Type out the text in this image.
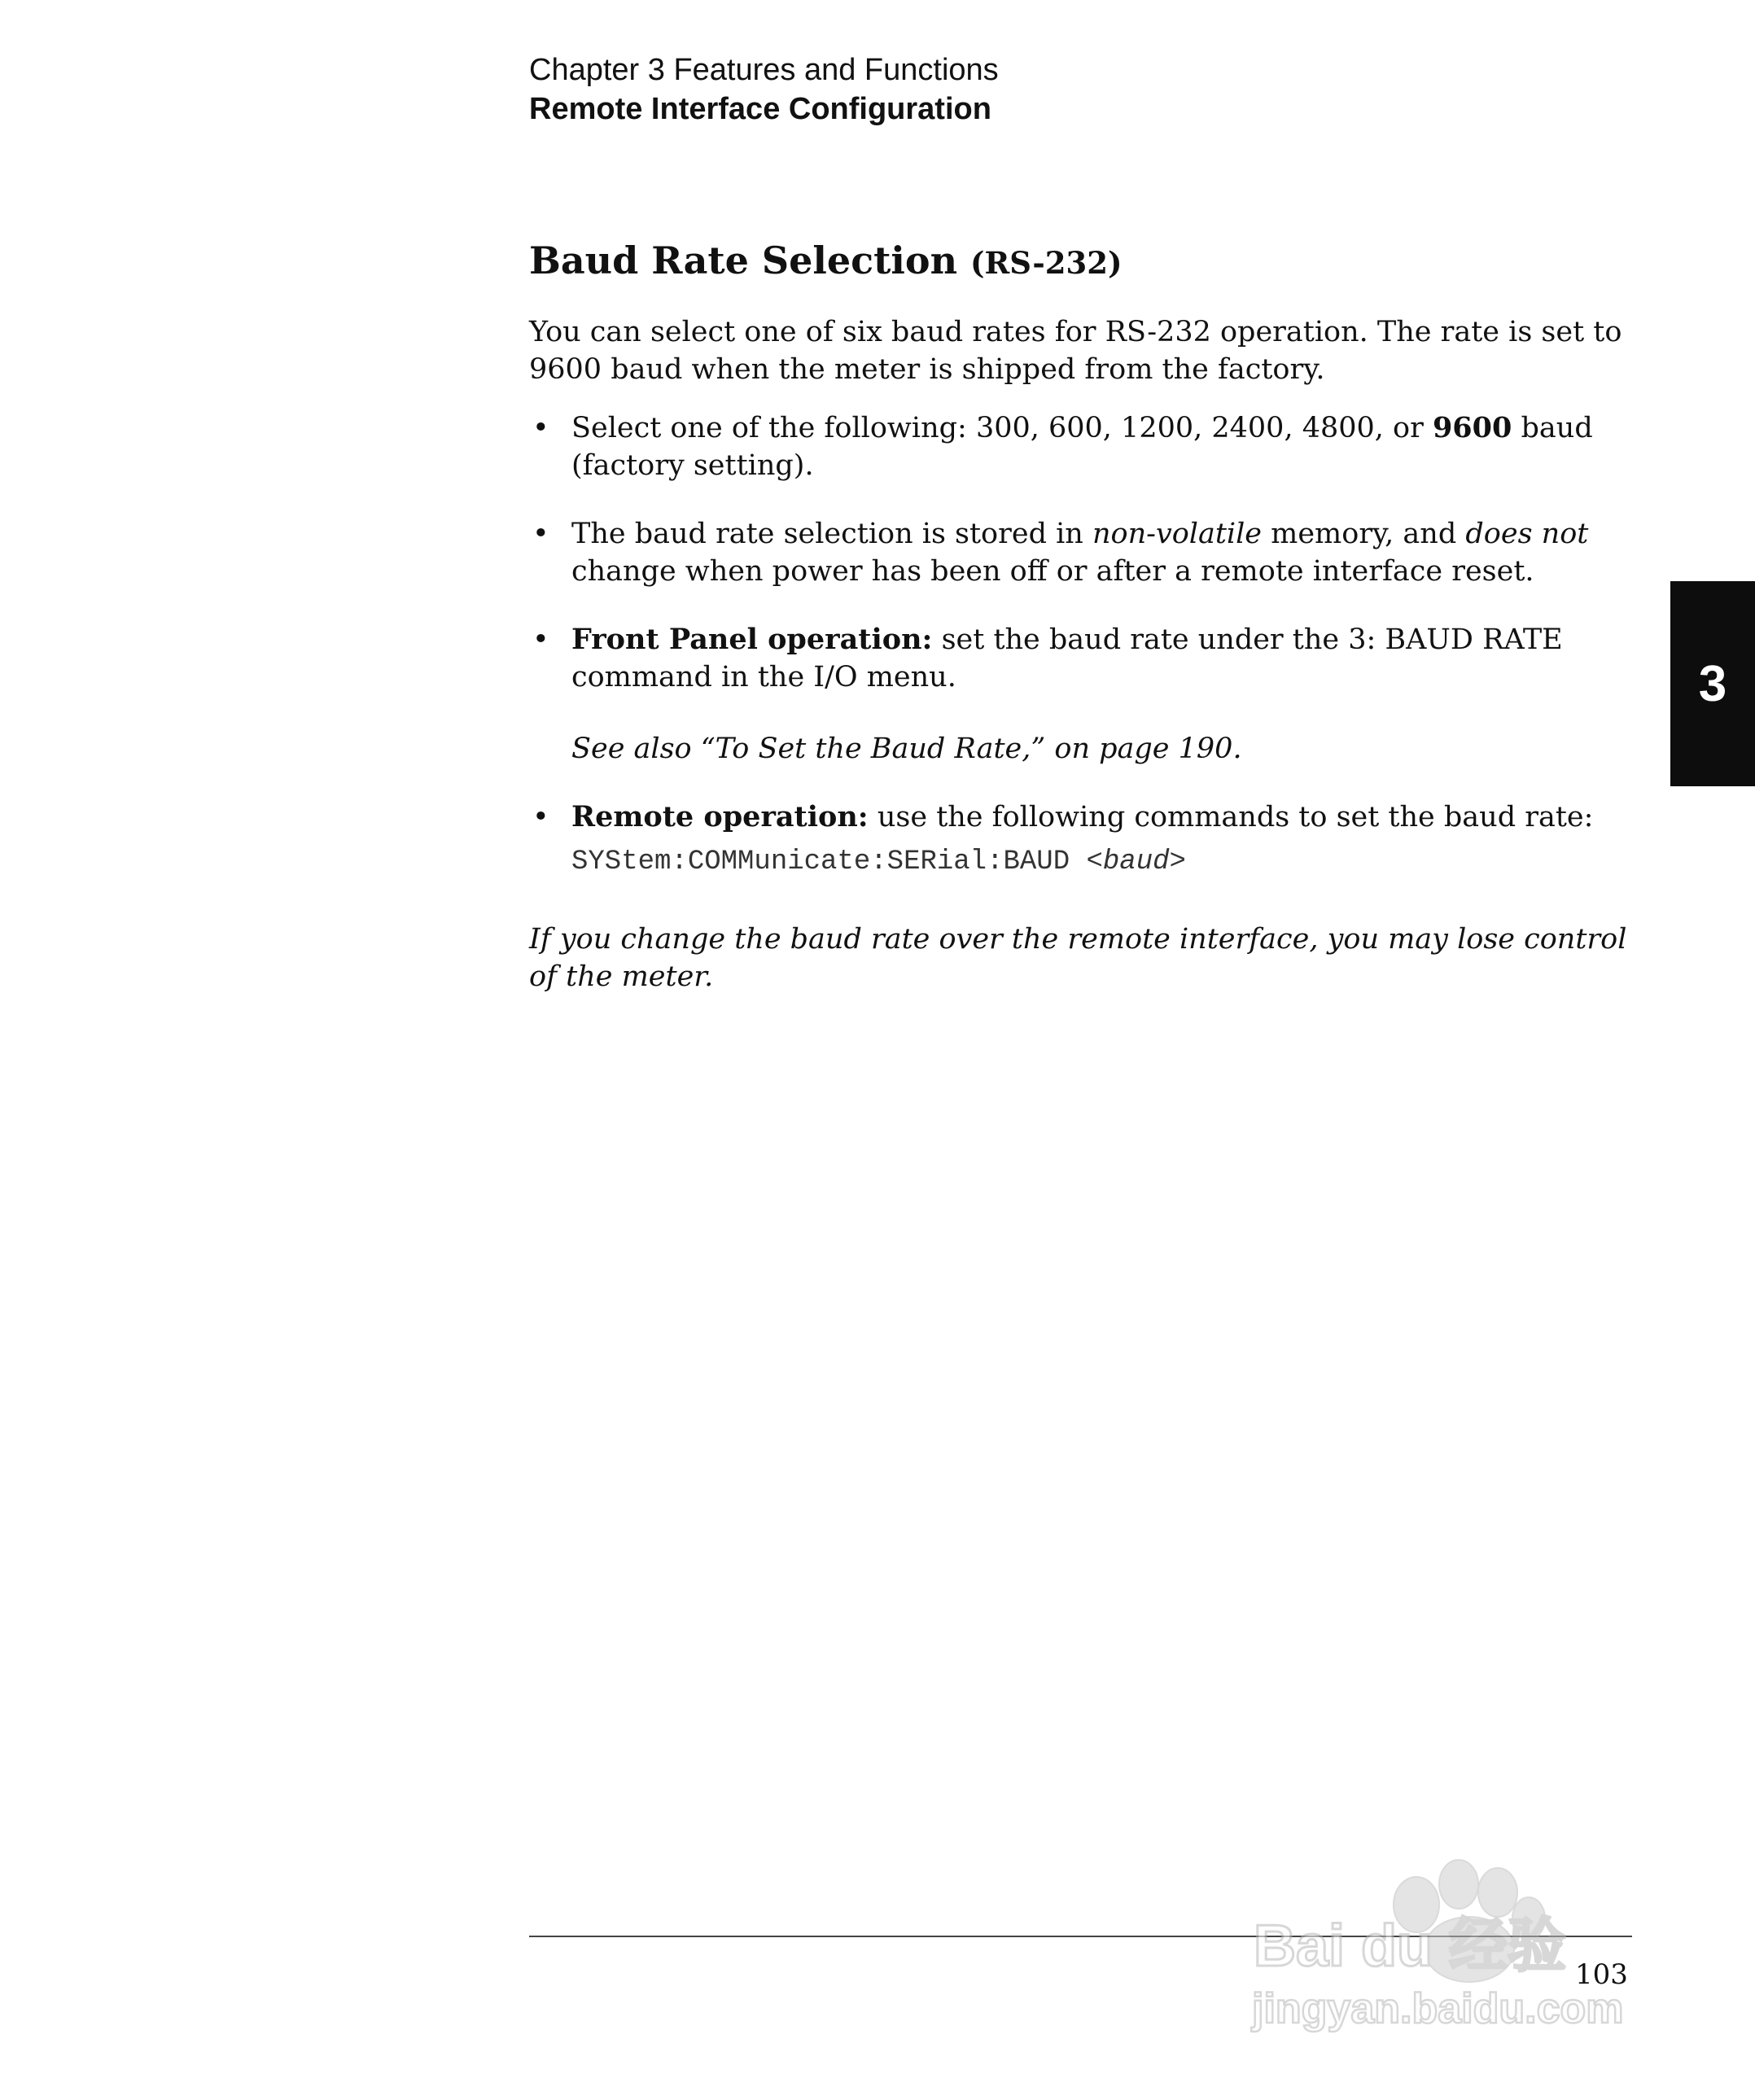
Chapter 3 Features and Functions
Remote Interface Configuration
3
Baud Rate Selection (RS-232)

You can select one of six baud rates for RS-232 operation. The rate is set to 9600 baud when the meter is shipped from the factory.

• Select one of the following: 300, 600, 1200, 2400, 4800, or 9600 baud (factory setting).
• The baud rate selection is stored in non-volatile memory, and does not change when power has been off or after a remote interface reset.
• Front Panel operation: set the baud rate under the 3: BAUD RATE command in the I/O menu.
See also “To Set the Baud Rate,” on page 190.
• Remote operation: use the following commands to set the baud rate:
SYStem:COMMunicate:SERial:BAUD <baud>

If you change the baud rate over the remote interface, you may lose control of the meter.

103
Bai du 经验
jingyan.baidu.com
